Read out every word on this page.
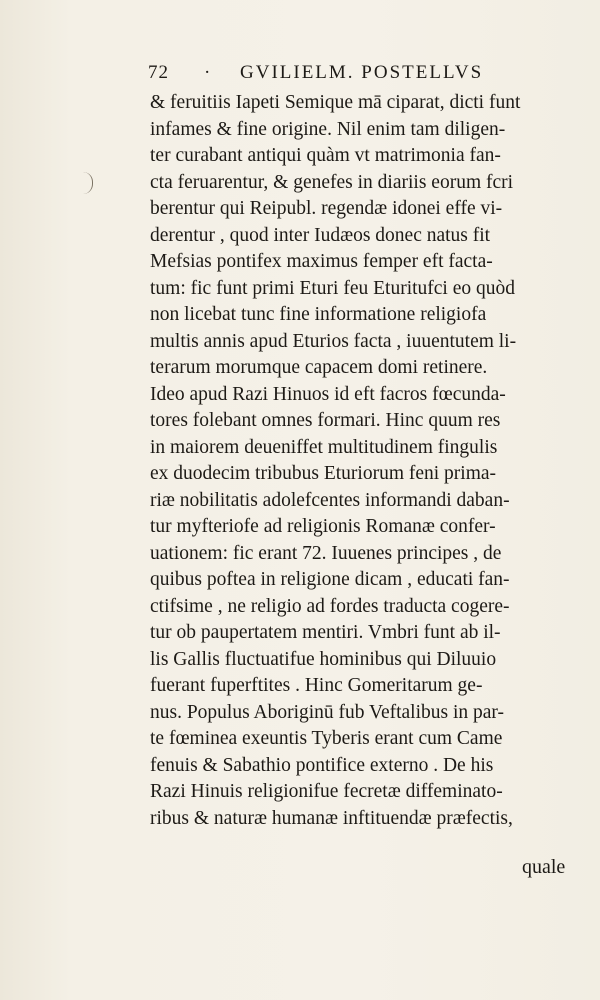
72 · GVILIELM. POSTELLVS
& feruitiis Iapeti Semique mā ciparat, dicti funt
infames & fine origine. Nil enim tam diligen-
ter curabant antiqui quàm vt matrimonia fan-
cta feruarentur, & genefes in diariis eorum fcri
berentur qui Reipubl. regendæ idonei effe vi-
derentur , quod inter Iudæos donec natus fit
Mefsias pontifex maximus femper eft facta-
tum: fic funt primi Eturi feu Eturitufci eo quòd
non licebat tunc fine informatione religiofa
multis annis apud Eturios facta , iuuentutem li-
terarum morumque capacem domi retinere.
Ideo apud Razi Hinuos id eft facros fœcunda-
tores folebant omnes formari. Hinc quum res
in maiorem deueniffet multitudinem fingulis
ex duodecim tribubus Eturiorum feni prima-
riæ nobilitatis adolefcentes informandi daban-
tur myfteriofe ad religionis Romanæ confer-
uationem: fic erant 72. Iuuenes principes , de
quibus poftea in religione dicam , educati fan-
ctifsime , ne religio ad fordes traducta cogere-
tur ob paupertatem mentiri. Vmbri funt ab il-
lis Gallis fluctuatifue hominibus qui Diluuio
fuerant fuperftites . Hinc Gomeritarum ge-
nus. Populus Aboriginū fub Veftalibus in par-
te fœminea exeuntis Tyberis erant cum Came
fenuis & Sabathio pontifice externo . De his
Razi Hinuis religionifue fecretæ diffeminato-
ribus & naturæ humanæ inftituendæ præfectis,
quale
